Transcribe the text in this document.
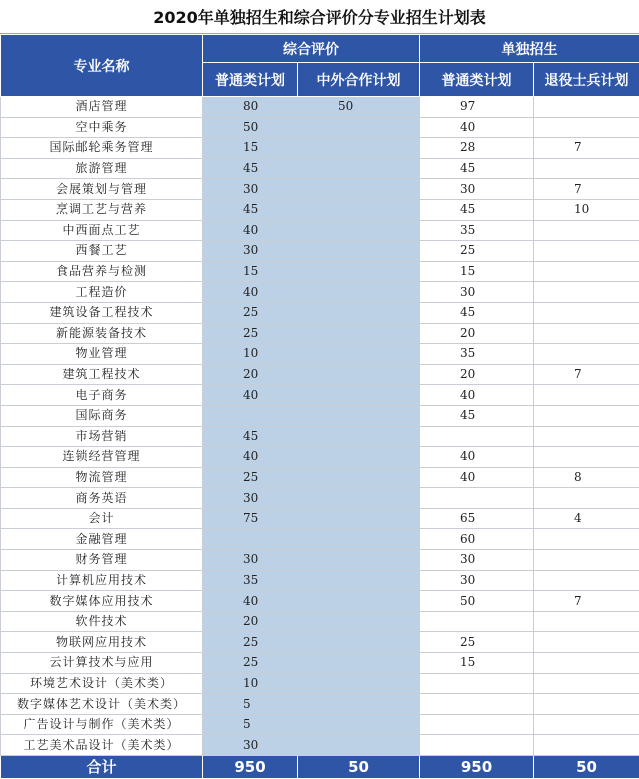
2020年单独招生和综合评价分专业招生计划表
专业名称	综合评价		单独招生	
	普通类计划	中外合作计划	普通类计划	退役士兵计划
酒店管理	80	50	97	
空中乘务	50		40	
国际邮轮乘务管理	15		28	7
旅游管理	45		45	
会展策划与管理	30		30	7
烹调工艺与营养	45		45	10
中西面点工艺	40		35	
西餐工艺	30		25	
食品营养与检测	15		15	
工程造价	40		30	
建筑设备工程技术	25		45	
新能源装备技术	25		20	
物业管理	10		35	
建筑工程技术	20		20	7
电子商务	40		40	
国际商务			45	
市场营销	45			
连锁经营管理	40		40	
物流管理	25		40	8
商务英语	30			
会计	75		65	4
金融管理			60	
财务管理	30		30	
计算机应用技术	35		30	
数字媒体应用技术	40		50	7
软件技术	20			
物联网应用技术	25		25	
云计算技术与应用	25		15	
环境艺术设计（美术类）	10			
数字媒体艺术设计（美术类）	5			
广告设计与制作（美术类）	5			
工艺美术品设计（美术类）	30			
合计	950	50	950	50
